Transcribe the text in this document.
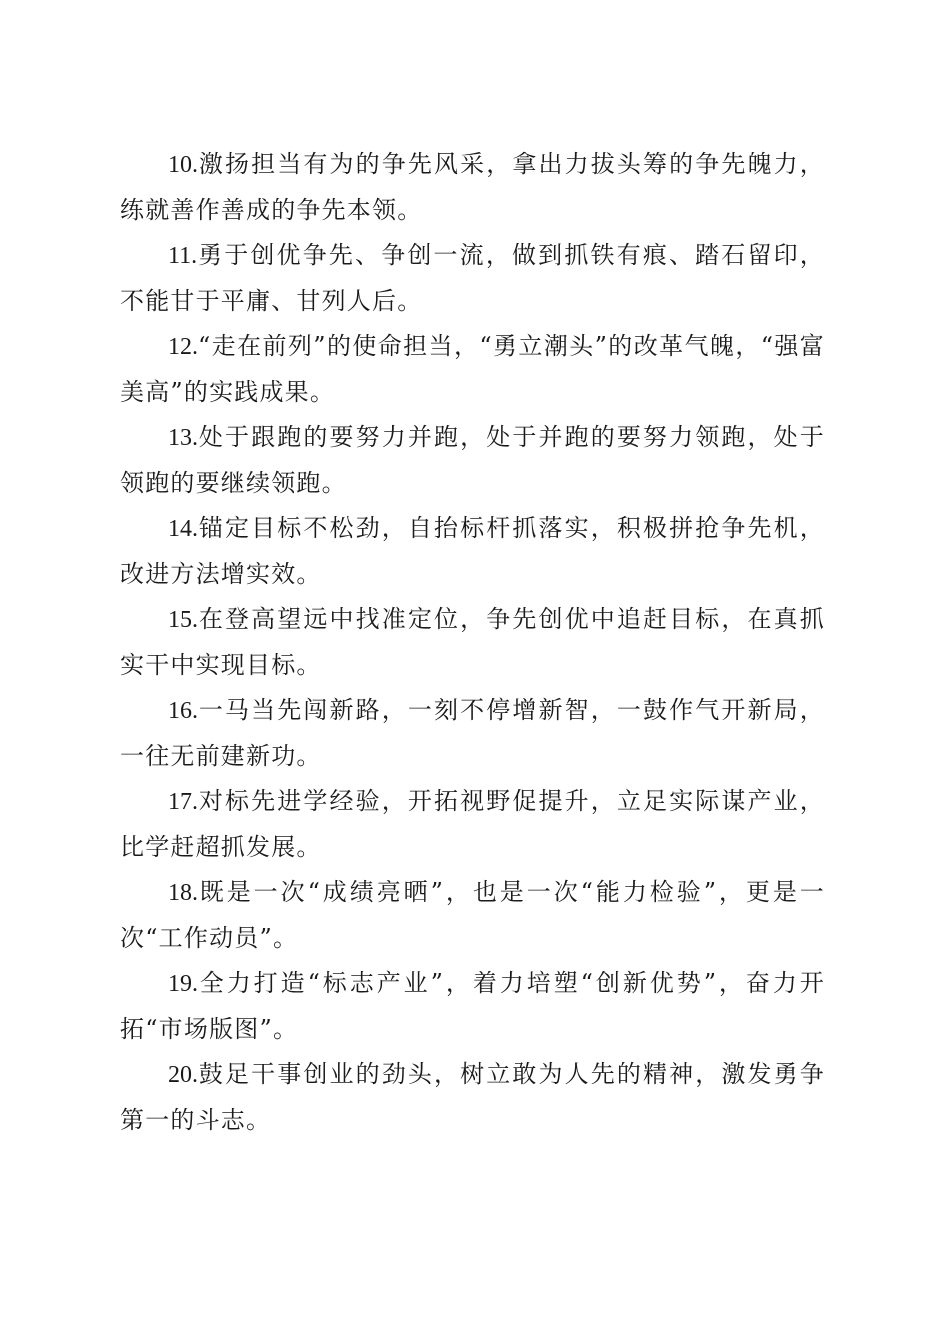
10.激扬担当有为的争先风采，拿出力拔头筹的争先魄力，练就善作善成的争先本领。

11.勇于创优争先、争创一流，做到抓铁有痕、踏石留印，不能甘于平庸、甘列人后。

12.“走在前列”的使命担当，“勇立潮头”的改革气魄，“强富美高”的实践成果。

13.处于跟跑的要努力并跑，处于并跑的要努力领跑，处于领跑的要继续领跑。

14.锚定目标不松劲，自抬标杆抓落实，积极拼抢争先机，改进方法增实效。

15.在登高望远中找准定位，争先创优中追赶目标，在真抓实干中实现目标。

16.一马当先闯新路，一刻不停增新智，一鼓作气开新局，一往无前建新功。

17.对标先进学经验，开拓视野促提升，立足实际谋产业，比学赶超抓发展。

18.既是一次“成绩亮晒”，也是一次“能力检验”，更是一次“工作动员”。

19.全力打造“标志产业”，着力培塑“创新优势”，奋力开拓“市场版图”。

20.鼓足干事创业的劲头，树立敢为人先的精神，激发勇争第一的斗志。
